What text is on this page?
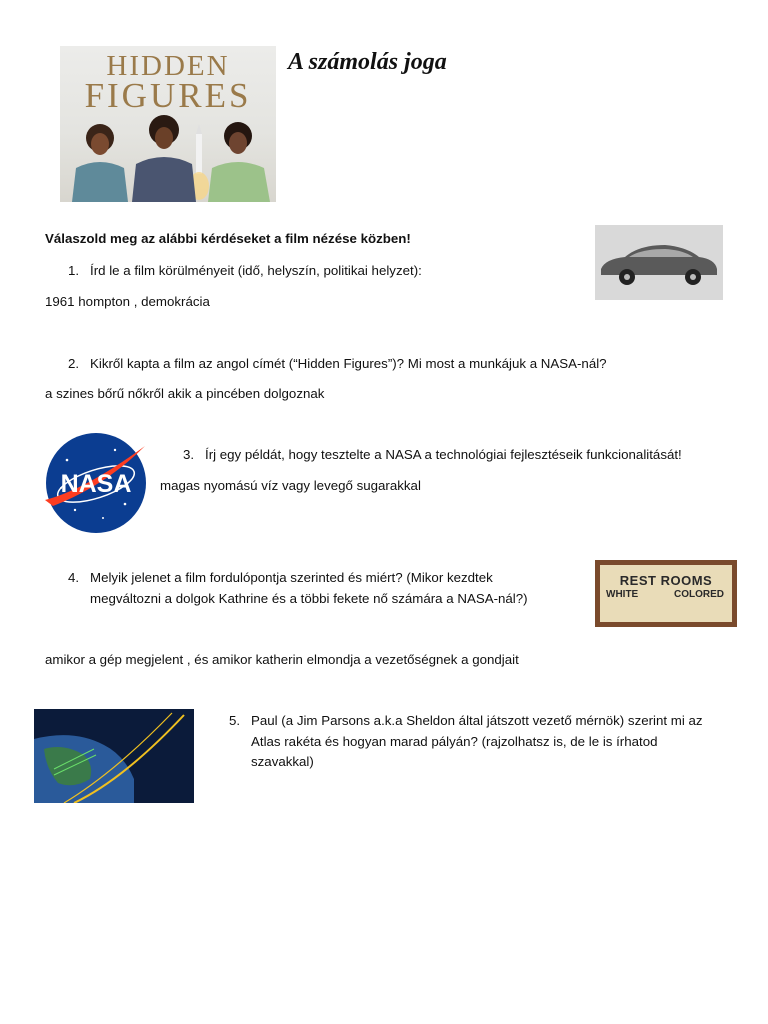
HIDDEN
FIGURES
A számolás joga
Válaszold meg az alábbi kérdéseket a film nézése közben!
1. Írd le a film körülményeit (idő, helyszín, politikai helyzet):
1961 hompton , demokrácia
2. Kikről kapta a film az angol címét (“Hidden Figures”)? Mi most a munkájuk a NASA-nál?
a szines bőrű nőkről akik a pincében dolgoznak
NASA
3. Írj egy példát, hogy tesztelte a NASA a technológiai fejlesztéseik funkcionalitását!
magas nyomású víz vagy levegő sugarakkal
REST ROOMS
WHITE	COLORED
4. Melyik jelenet a film fordulópontja szerinted és miért? (Mikor kezdtek
megváltozni a dolgok Kathrine és a többi fekete nő számára a NASA-nál?)
amikor a gép megjelent , és amikor katherin elmondja a vezetőségnek a gondjait
5. Paul (a Jim Parsons a.k.a Sheldon által játszott vezető mérnök) szerint mi az
Atlas rakéta és hogyan marad pályán? (rajzolhatsz is, de le is írhatod
szavakkal)
